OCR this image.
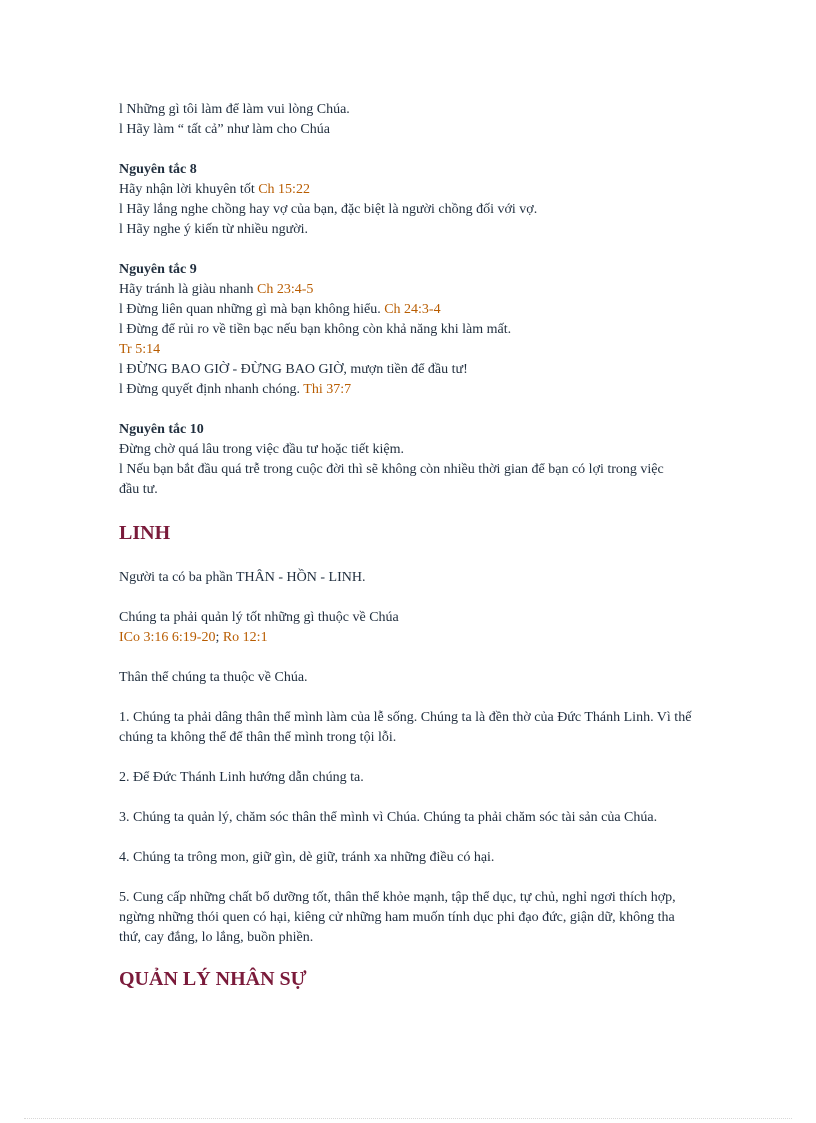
l Những gì tôi làm để làm vui lòng Chúa.
l Hãy làm “ tất cả” như làm cho Chúa
Nguyên tắc 8
Hãy nhận lời khuyên tốt Ch 15:22
l Hãy lắng nghe chồng hay vợ của bạn, đặc biệt là người chồng đối với vợ.
l Hãy nghe ý kiến từ nhiều người.
Nguyên tắc 9
Hãy tránh là giàu nhanh Ch 23:4-5
l Đừng liên quan những gì mà bạn không hiểu. Ch 24:3-4
l Đừng để rủi ro về tiền bạc nếu bạn không còn khả năng khi làm mất.
Tr 5:14
l ĐỪNG BAO GIỜ - ĐỪNG BAO GIỜ, mượn tiền để đầu tư!
l Đừng quyết định nhanh chóng. Thi 37:7
Nguyên tắc 10
Đừng chờ quá lâu trong việc đầu tư hoặc tiết kiệm.
l Nếu bạn bắt đầu quá trễ trong cuộc đời thì sẽ không còn nhiều thời gian để bạn có lợi trong việc đầu tư.
LINH
Người ta có ba phần THÂN - HỒN - LINH.
Chúng ta phải quản lý tốt những gì thuộc về Chúa
ICo 3:16 6:19-20; Ro 12:1
Thân thể chúng ta thuộc về Chúa.
1. Chúng ta phải dâng thân thể mình làm của lễ sống. Chúng ta là đền thờ của Đức Thánh Linh. Vì thế chúng ta không thể để thân thể mình trong tội lỗi.
2. Để Đức Thánh Linh hướng dẫn chúng ta.
3. Chúng ta quản lý, chăm sóc thân thể mình vì Chúa. Chúng ta phải chăm sóc tài sản của Chúa.
4. Chúng ta trông mon, giữ gìn, dè giữ, tránh xa những điều có hại.
5. Cung cấp những chất bổ dưỡng tốt, thân thể khỏe mạnh, tập thể dục, tự chủ, nghỉ ngơi thích hợp, ngừng những thói quen có hại, kiêng cử những ham muốn tính dục phi đạo đức, giận dữ, không tha thứ, cay đắng, lo lắng, buồn phiền.
QUẢN LÝ NHÂN SỰ
